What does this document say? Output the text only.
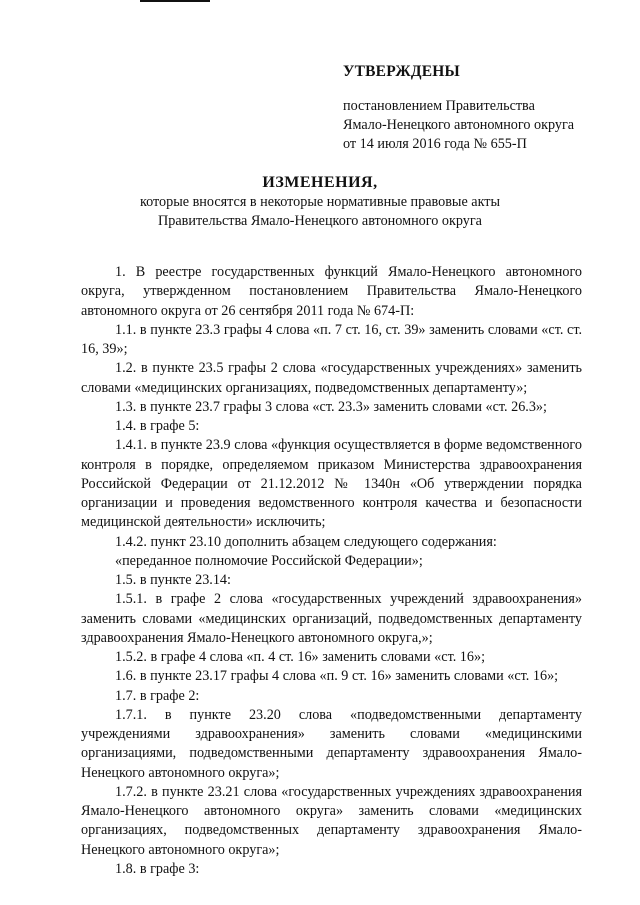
УТВЕРЖДЕНЫ
постановлением Правительства
Ямало-Ненецкого автономного округа
от 14 июля 2016 года № 655-П
ИЗМЕНЕНИЯ,
которые вносятся в некоторые нормативные правовые акты
Правительства Ямало-Ненецкого автономного округа

1. В реестре государственных функций Ямало-Ненецкого автономного округа, утвержденном постановлением Правительства Ямало-Ненецкого автономного округа от 26 сентября 2011 года № 674-П:

1.1. в пункте 23.3 графы 4 слова «п. 7 ст. 16, ст. 39» заменить словами «ст. ст. 16, 39»;

1.2. в пункте 23.5 графы 2 слова «государственных учреждениях» заменить словами «медицинских организациях, подведомственных департаменту»;

1.3. в пункте 23.7 графы 3 слова «ст. 23.3» заменить словами «ст. 26.3»;

1.4. в графе 5:

1.4.1. в пункте 23.9 слова «функция осуществляется в форме ведомственного контроля в порядке, определяемом приказом Министерства здравоохранения Российской Федерации от 21.12.2012 № 1340н «Об утверждении порядка организации и проведения ведомственного контроля качества и безопасности медицинской деятельности» исключить;

1.4.2. пункт 23.10 дополнить абзацем следующего содержания:

«переданное полномочие Российской Федерации»;

1.5. в пункте 23.14:

1.5.1. в графе 2 слова «государственных учреждений здравоохранения» заменить словами «медицинских организаций, подведомственных департаменту здравоохранения Ямало-Ненецкого автономного округа,»;

1.5.2. в графе 4 слова «п. 4 ст. 16» заменить словами «ст. 16»;

1.6. в пункте 23.17 графы 4 слова «п. 9 ст. 16» заменить словами «ст. 16»;

1.7. в графе 2:

1.7.1. в пункте 23.20 слова «подведомственными департаменту учреждениями здравоохранения» заменить словами «медицинскими организациями, подведомственными департаменту здравоохранения Ямало-Ненецкого автономного округа»;

1.7.2. в пункте 23.21 слова «государственных учреждениях здравоохранения Ямало-Ненецкого автономного округа» заменить словами «медицинских организациях, подведомственных департаменту здравоохранения Ямало-Ненецкого автономного округа»;

1.8. в графе 3:
